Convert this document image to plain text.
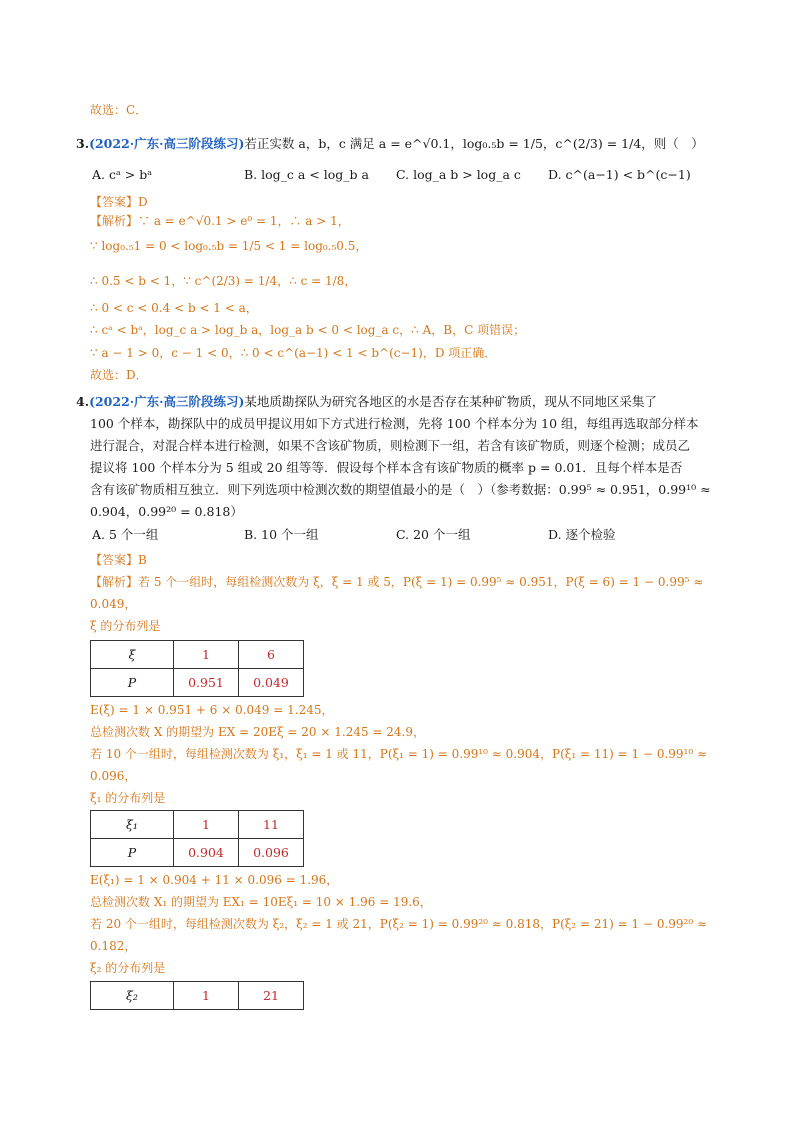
故选：C．
3.(2022·广东·高三阶段练习)若正实数 a，b，c 满足 a = e^√0.1，log₀.₅b = 1/5，c^(2/3) = 1/4，则（　）
A. cᵃ > bᵃ	B. log_c a < log_b a C. log_a b > log_a c D. c^(a−1) < b^(c−1)
【答案】D
【解析】∵ a = e^√0.1 > e⁰ = 1，∴ a > 1，
∵ log₀.₅1 = 0 < log₀.₅b = 1/5 < 1 = log₀.₅0.5，
∴ 0.5 < b < 1，∵ c^(2/3) = 1/4，∴ c = 1/8，
∴ 0 < c < 0.4 < b < 1 < a，
∴ cᵃ < bᵃ，log_c a > log_b a，log_a b < 0 < log_a c，∴ A，B，C 项错误；
∵ a − 1 > 0，c − 1 < 0，∴ 0 < c^(a−1) < 1 < b^(c−1)，D 项正确．
故选：D．
4.(2022·广东·高三阶段练习)某地质勘探队为研究各地区的水是否存在某种矿物质，现从不同地区采集了
100 个样本，勘探队中的成员甲提议用如下方式进行检测，先将 100 个样本分为 10 组，每组再选取部分样本
进行混合，对混合样本进行检测，如果不含该矿物质，则检测下一组，若含有该矿物质，则逐个检测；成员乙
提议将 100 个样本分为 5 组或 20 组等等．假设每个样本含有该矿物质的概率 p = 0.01．且每个样本是否
含有该矿物质相互独立．则下列选项中检测次数的期望值最小的是（　）（参考数据：0.99⁵ ≈ 0.951，0.99¹⁰ ≈
0.904，0.99²⁰ = 0.818）
A. 5 个一组	B. 10 个一组	C. 20 个一组	D. 逐个检验
【答案】B
【解析】若 5 个一组时，每组检测次数为 ξ，ξ = 1 或 5，P(ξ = 1) = 0.99⁵ ≈ 0.951，P(ξ = 6) = 1 − 0.99⁵ ≈
0.049，
ξ 的分布列是
ξ	1	6
P	0.951	0.049
E(ξ) = 1 × 0.951 + 6 × 0.049 = 1.245，
总检测次数 X 的期望为 EX = 20Eξ = 20 × 1.245 = 24.9，
若 10 个一组时，每组检测次数为 ξ₁，ξ₁ = 1 或 11，P(ξ₁ = 1) = 0.99¹⁰ ≈ 0.904，P(ξ₁ = 11) = 1 − 0.99¹⁰ ≈
0.096，
ξ₁ 的分布列是
ξ₁	1	11
P	0.904	0.096
E(ξ₁) = 1 × 0.904 + 11 × 0.096 = 1.96，
总检测次数 X₁ 的期望为 EX₁ = 10Eξ₁ = 10 × 1.96 = 19.6，
若 20 个一组时，每组检测次数为 ξ₂，ξ₂ = 1 或 21，P(ξ₂ = 1) = 0.99²⁰ ≈ 0.818，P(ξ₂ = 21) = 1 − 0.99²⁰ ≈
0.182，
ξ₂ 的分布列是
ξ₂	1	21
